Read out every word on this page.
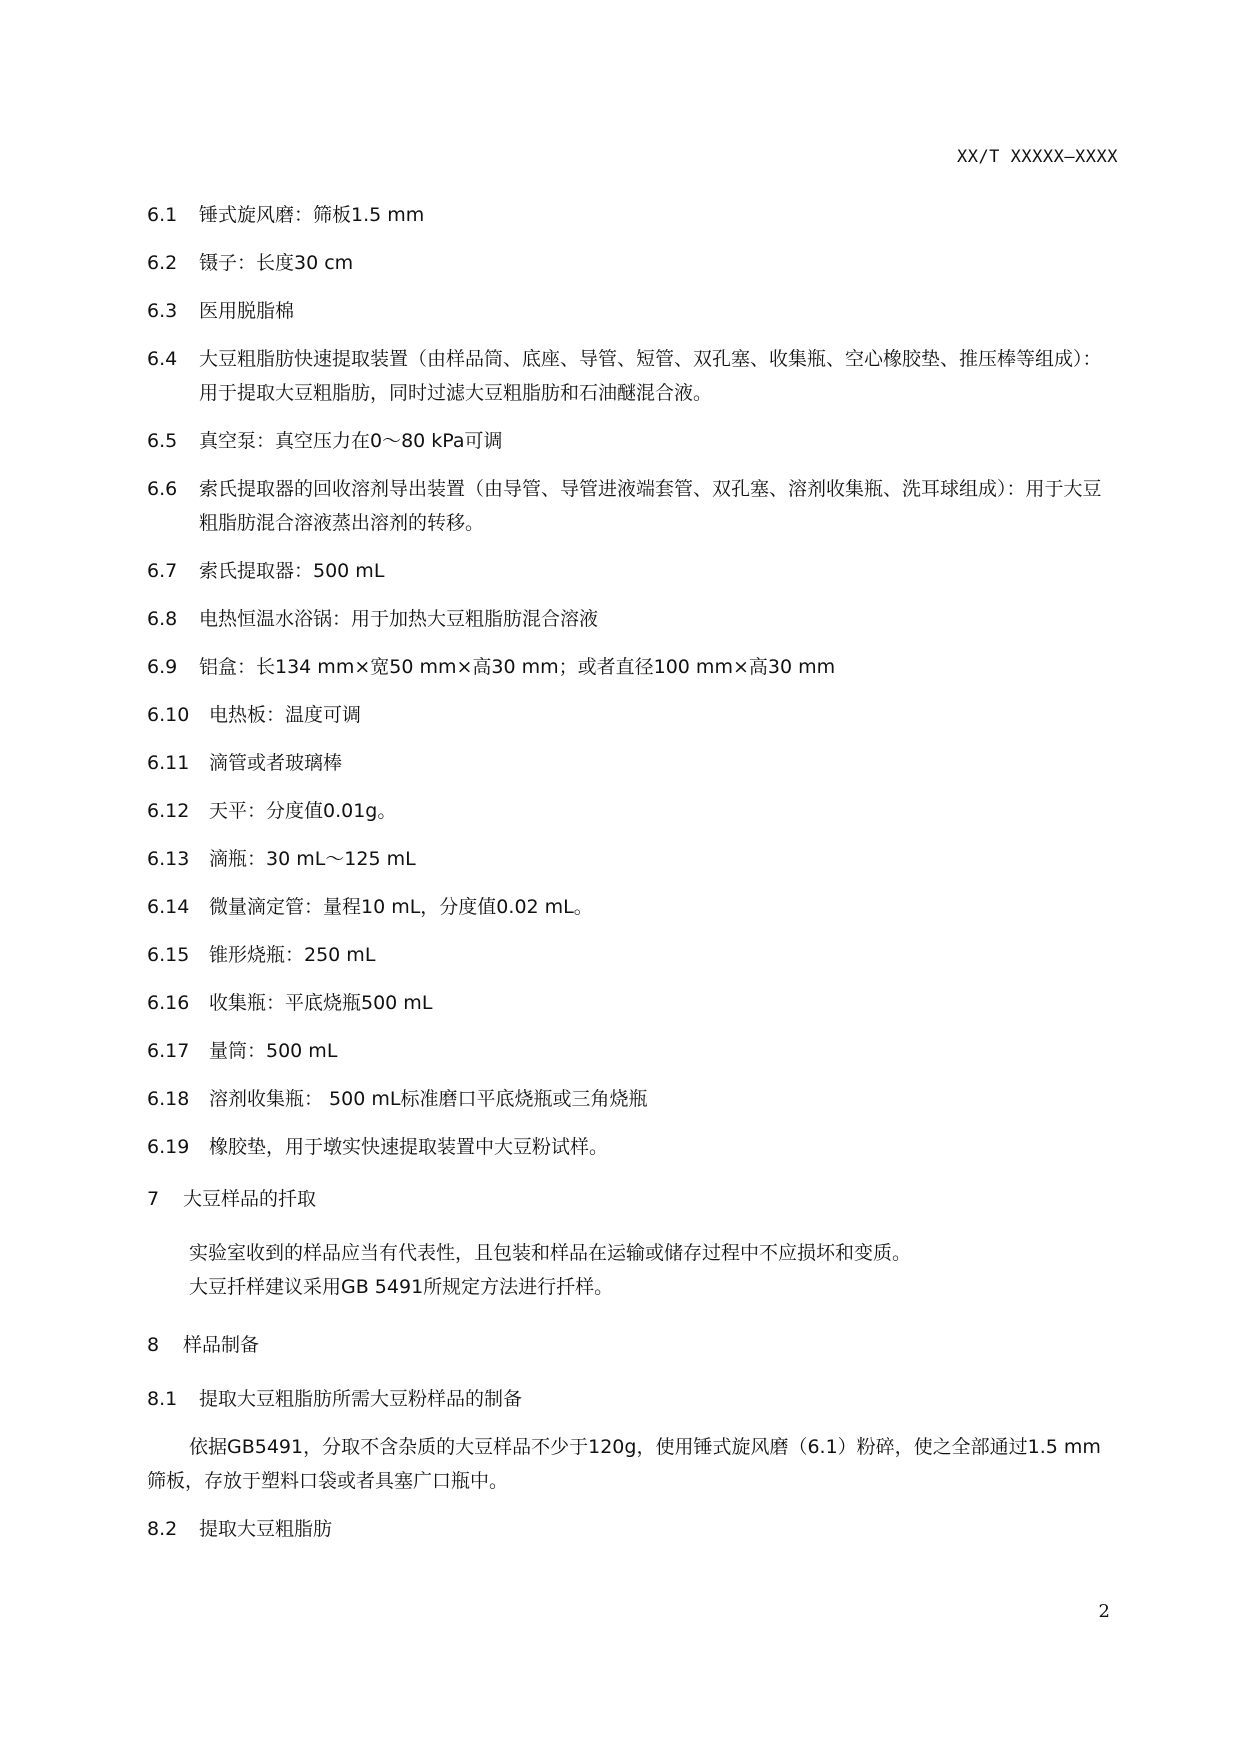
XX/T XXXXX—XXXX
6.1	锤式旋风磨：筛板1.5 mm
6.2	镊子：长度30 cm
6.3	医用脱脂棉
6.4	大豆粗脂肪快速提取装置（由样品筒、底座、导管、短管、双孔塞、收集瓶、空心橡胶垫、推压棒等组成）：用于提取大豆粗脂肪，同时过滤大豆粗脂肪和石油醚混合液。
6.5	真空泵：真空压力在0～80 kPa可调
6.6	索氏提取器的回收溶剂导出装置（由导管、导管进液端套管、双孔塞、溶剂收集瓶、洗耳球组成）：用于大豆粗脂肪混合溶液蒸出溶剂的转移。
6.7	索氏提取器：500 mL
6.8	电热恒温水浴锅：用于加热大豆粗脂肪混合溶液
6.9	铝盒：长134 mm×宽50 mm×高30 mm；或者直径100 mm×高30 mm
6.10	电热板：温度可调
6.11	滴管或者玻璃棒
6.12	天平：分度值0.01g。
6.13	滴瓶：30 mL～125 mL
6.14	微量滴定管：量程10 mL，分度值0.02 mL。
6.15	锥形烧瓶：250 mL
6.16	收集瓶：平底烧瓶500 mL
6.17	量筒：500 mL
6.18	溶剂收集瓶： 500 mL标准磨口平底烧瓶或三角烧瓶
6.19	橡胶垫，用于墩实快速提取装置中大豆粉试样。
7	大豆样品的扦取
实验室收到的样品应当有代表性，且包装和样品在运输或储存过程中不应损坏和变质。
大豆扦样建议采用GB 5491所规定方法进行扦样。
8	样品制备
8.1	提取大豆粗脂肪所需大豆粉样品的制备
依据GB5491，分取不含杂质的大豆样品不少于120g，使用锤式旋风磨（6.1）粉碎，使之全部通过1.5 mm筛板，存放于塑料口袋或者具塞广口瓶中。
8.2	提取大豆粗脂肪
2
